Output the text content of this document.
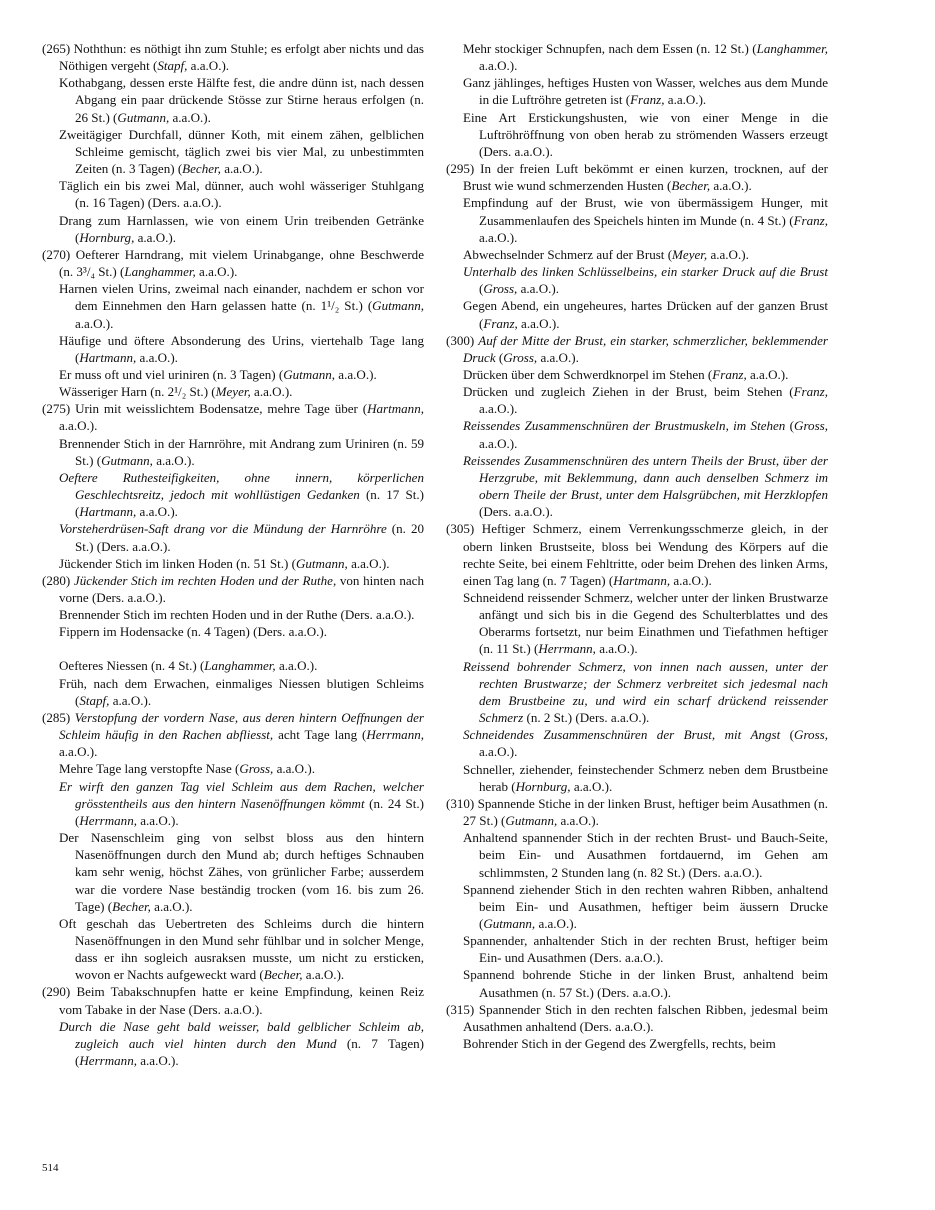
(265) Noththun: es nöthigt ihn zum Stuhle; es erfolgt aber nichts und das Nöthigen vergeht (Stapf, a.a.O.).

Kothabgang, dessen erste Hälfte fest, die andre dünn ist, nach dessen Abgang ein paar drückende Stösse zur Stirne heraus erfolgen (n. 26 St.) (Gutmann, a.a.O.).

Zweitägiger Durchfall, dünner Koth, mit einem zähen, gelblichen Schleime gemischt, täglich zwei bis vier Mal, zu unbestimmten Zeiten (n. 3 Tagen) (Becher, a.a.O.).

Täglich ein bis zwei Mal, dünner, auch wohl wässeriger Stuhlgang (n. 16 Tagen) (Ders. a.a.O.).

Drang zum Harnlassen, wie von einem Urin treibenden Getränke (Hornburg, a.a.O.).

(270) Oefterer Harndrang, mit vielem Urinabgange, ohne Beschwerde (n. 3³/₄ St.) (Langhammer, a.a.O.).

Harnen vielen Urins, zweimal nach einander, nachdem er schon vor dem Einnehmen den Harn gelassen hatte (n. 1¹/₂ St.) (Gutmann, a.a.O.).

Häufige und öftere Absonderung des Urins, viertehalb Tage lang (Hartmann, a.a.O.).

Er muss oft und viel uriniren (n. 3 Tagen) (Gutmann, a.a.O.).

Wässeriger Harn (n. 2¹/₂ St.) (Meyer, a.a.O.).

(275) Urin mit weisslichtem Bodensatze, mehre Tage über (Hartmann, a.a.O.).

Brennender Stich in der Harnröhre, mit Andrang zum Uriniren (n. 59 St.) (Gutmann, a.a.O.).

Oeftere Ruthesteifigkeiten, ohne innern, körperlichen Geschlechtsreitz, jedoch mit wohllüstigen Gedanken (n. 17 St.) (Hartmann, a.a.O.).

Vorsteherdrüsen-Saft drang vor die Mündung der Harnröhre (n. 20 St.) (Ders. a.a.O.).

Jückender Stich im linken Hoden (n. 51 St.) (Gutmann, a.a.O.).

(280) Jückender Stich im rechten Hoden und der Ruthe, von hinten nach vorne (Ders. a.a.O.).

Brennender Stich im rechten Hoden und in der Ruthe (Ders. a.a.O.).

Fippern im Hodensacke (n. 4 Tagen) (Ders. a.a.O.).

Oefteres Niessen (n. 4 St.) (Langhammer, a.a.O.).

Früh, nach dem Erwachen, einmaliges Niessen blutigen Schleims (Stapf, a.a.O.).

(285) Verstopfung der vordern Nase, aus deren hintern Oeffnungen der Schleim häufig in den Rachen abfliesst, acht Tage lang (Herrmann, a.a.O.).

Mehre Tage lang verstopfte Nase (Gross, a.a.O.).

Er wirft den ganzen Tag viel Schleim aus dem Rachen, welcher grösstentheils aus den hintern Nasenöffnungen kömmt (n. 24 St.) (Herrmann, a.a.O.).

Der Nasenschleim ging von selbst bloss aus den hintern Nasenöffnungen durch den Mund ab; durch heftiges Schnauben kam sehr wenig, höchst Zähes, von grünlicher Farbe; ausserdem war die vordere Nase beständig trocken (vom 16. bis zum 26. Tage) (Becher, a.a.O.).

Oft geschah das Uebertreten des Schleims durch die hintern Nasenöffnungen in den Mund sehr fühlbar und in solcher Menge, dass er ihn sogleich ausraksen musste, um nicht zu ersticken, wovon er Nachts aufgeweckt ward (Becher, a.a.O.).

(290) Beim Tabakschnupfen hatte er keine Empfindung, keinen Reiz vom Tabake in der Nase (Ders. a.a.O.).

Durch die Nase geht bald weisser, bald gelblicher Schleim ab, zugleich auch viel hinten durch den Mund (n. 7 Tagen) (Herrmann, a.a.O.).

Mehr stockiger Schnupfen, nach dem Essen (n. 12 St.) (Langhammer, a.a.O.).

Ganz jählinges, heftiges Husten von Wasser, welches aus dem Munde in die Luftröhre getreten ist (Franz, a.a.O.).

Eine Art Erstickungshusten, wie von einer Menge in die Luftröhröffnung von oben herab zu strömenden Wassers erzeugt (Ders. a.a.O.).

(295) In der freien Luft bekömmt er einen kurzen, trocknen, auf der Brust wie wund schmerzenden Husten (Becher, a.a.O.).

Empfindung auf der Brust, wie von übermässigem Hunger, mit Zusammenlaufen des Speichels hinten im Munde (n. 4 St.) (Franz, a.a.O.).

Abwechselnder Schmerz auf der Brust (Meyer, a.a.O.).

Unterhalb des linken Schlüsselbeins, ein starker Druck auf die Brust (Gross, a.a.O.).

Gegen Abend, ein ungeheures, hartes Drücken auf der ganzen Brust (Franz, a.a.O.).

(300) Auf der Mitte der Brust, ein starker, schmerzlicher, beklemmender Druck (Gross, a.a.O.).

Drücken über dem Schwerdknorpel im Stehen (Franz, a.a.O.).

Drücken und zugleich Ziehen in der Brust, beim Stehen (Franz, a.a.O.).

Reissendes Zusammenschnüren der Brustmuskeln, im Stehen (Gross, a.a.O.).

Reissendes Zusammenschnüren des untern Theils der Brust, über der Herzgrube, mit Beklemmung, dann auch denselben Schmerz im obern Theile der Brust, unter dem Halsgrübchen, mit Herzklopfen (Ders. a.a.O.).

(305) Heftiger Schmerz, einem Verrenkungsschmerze gleich, in der obern linken Brustseite, bloss bei Wendung des Körpers auf die rechte Seite, bei einem Fehltritte, oder beim Drehen des linken Arms, einen Tag lang (n. 7 Tagen) (Hartmann, a.a.O.).

Schneidend reissender Schmerz, welcher unter der linken Brustwarze anfängt und sich bis in die Gegend des Schulterblattes und des Oberarms fortsetzt, nur beim Einathmen und Tiefathmen heftiger (n. 11 St.) (Herrmann, a.a.O.).

Reissend bohrender Schmerz, von innen nach aussen, unter der rechten Brustwarze; der Schmerz verbreitet sich jedesmal nach dem Brustbeine zu, und wird ein scharf drückend reissender Schmerz (n. 2 St.) (Ders. a.a.O.).

Schneidendes Zusammenschnüren der Brust, mit Angst (Gross, a.a.O.).

Schneller, ziehender, feinstechender Schmerz neben dem Brustbeine herab (Hornburg, a.a.O.).

(310) Spannende Stiche in der linken Brust, heftiger beim Ausathmen (n. 27 St.) (Gutmann, a.a.O.).

Anhaltend spannender Stich in der rechten Brust- und Bauch-Seite, beim Ein- und Ausathmen fortdauernd, im Gehen am schlimmsten, 2 Stunden lang (n. 82 St.) (Ders. a.a.O.).

Spannend ziehender Stich in den rechten wahren Ribben, anhaltend beim Ein- und Ausathmen, heftiger beim äussern Drucke (Gutmann, a.a.O.).

Spannender, anhaltender Stich in der rechten Brust, heftiger beim Ein- und Ausathmen (Ders. a.a.O.).

Spannend bohrende Stiche in der linken Brust, anhaltend beim Ausathmen (n. 57 St.) (Ders. a.a.O.).

(315) Spannender Stich in den rechten falschen Ribben, jedesmal beim Ausathmen anhaltend (Ders. a.a.O.).

Bohrender Stich in der Gegend des Zwergfells, rechts, beim

514
